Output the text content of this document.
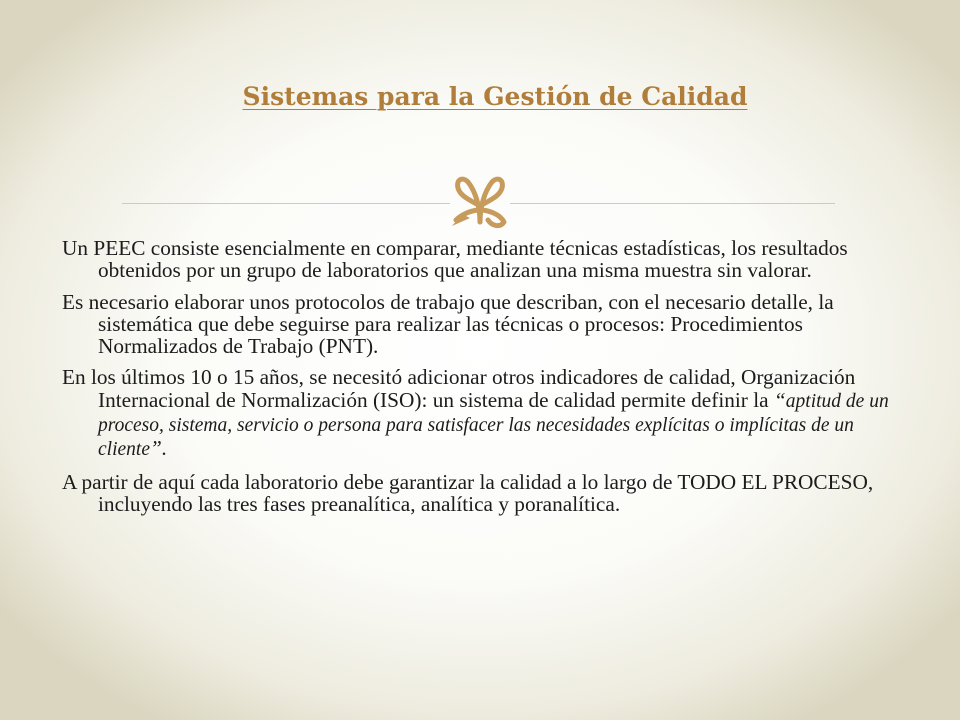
Sistemas para la Gestión de Calidad

Un PEEC consiste esencialmente en comparar, mediante técnicas estadísticas, los resultados obtenidos por un grupo de laboratorios que analizan una misma muestra sin valorar.

Es necesario elaborar unos protocolos de trabajo que describan, con el necesario detalle, la sistemática que debe seguirse para realizar las técnicas o procesos: Procedimientos Normalizados de Trabajo (PNT).

En los últimos 10 o 15 años, se necesitó adicionar otros indicadores de calidad, Organización Internacional de Normalización (ISO): un sistema de calidad permite definir la “aptitud de un proceso, sistema, servicio o persona para satisfacer las necesidades explícitas o implícitas de un cliente”.

A partir de aquí cada laboratorio debe garantizar la calidad a lo largo de TODO EL PROCESO, incluyendo las tres fases preanalítica, analítica y poranalítica.
